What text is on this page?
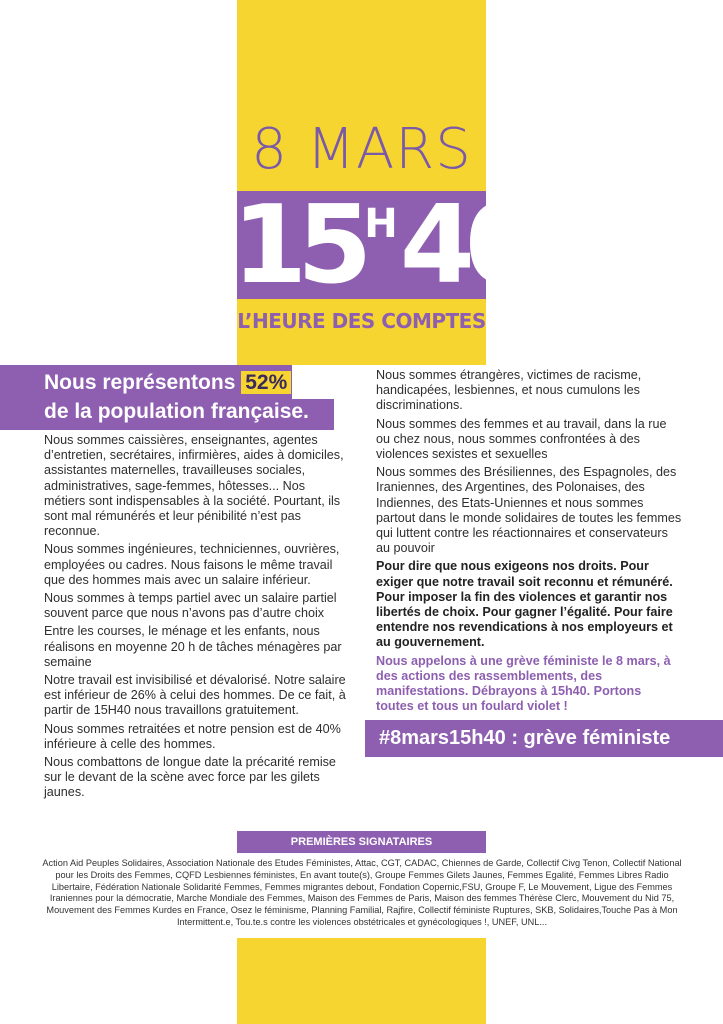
8 MARS
$15^H40$
L’HEURE DES COMPTES
Nous représentons 52%
de la population française.

Nous sommes caissières, enseignantes, agentes d’entretien, secrétaires, infirmières, aides à domiciles, assistantes maternelles, travailleuses sociales, administratives, sage-femmes, hôtesses... Nos métiers sont indispensables à la société. Pourtant, ils sont mal rémunérés et leur pénibilité n’est pas reconnue.

Nous sommes ingénieures, techniciennes, ouvrières, employées ou cadres. Nous faisons le même travail que des hommes mais avec un salaire inférieur.

Nous sommes à temps partiel avec un salaire partiel souvent parce que nous n’avons pas d’autre choix

Entre les courses, le ménage et les enfants, nous réalisons en moyenne 20 h de tâches ménagères par semaine

Notre travail est invisibilisé et dévalorisé. Notre salaire est inférieur de 26% à celui des hommes. De ce fait, à partir de 15H40 nous travaillons gratuitement.

Nous sommes retraitées et notre pension est de 40% inférieure à celle des hommes.

Nous combattons de longue date la précarité remise sur le devant de la scène avec force par les gilets jaunes.

Nous sommes étrangères, victimes de racisme, handicapées, lesbiennes, et nous cumulons les discriminations.

Nous sommes des femmes et au travail, dans la rue ou chez nous, nous sommes confrontées à des violences sexistes et sexuelles

Nous sommes des Brésiliennes, des Espagnoles, des Iraniennes, des Argentines, des Polonaises, des Indiennes, des Etats-Uniennes et nous sommes partout dans le monde solidaires de toutes les femmes qui luttent contre les réactionnaires et conservateurs au pouvoir

Pour dire que nous exigeons nos droits. Pour exiger que notre travail soit reconnu et rémunéré. Pour imposer la fin des violences et garantir nos libertés de choix. Pour gagner l’égalité. Pour faire entendre nos revendications à nos employeurs et au gouvernement.

Nous appelons à une grève féministe le 8 mars, à des actions des rassemblements, des manifestations. Débrayons à 15h40. Portons toutes et tous un foulard violet !

#8mars15h40 : grève féministe
PREMIÈRES SIGNATAIRES
Action Aid Peuples Solidaires, Association Nationale des Etudes Féministes, Attac, CGT, CADAC, Chiennes de Garde, Collectif Civg Tenon, Collectif National pour les Droits des Femmes, CQFD Lesbiennes féministes, En avant toute(s), Groupe Femmes Gilets Jaunes, Femmes Egalité, Femmes Libres Radio Libertaire, Fédération Nationale Solidarité Femmes, Femmes migrantes debout, Fondation Copernic,FSU, Groupe F, Le Mouvement, Ligue des Femmes Iraniennes pour la démocratie, Marche Mondiale des Femmes, Maison des Femmes de Paris, Maison des femmes Thérèse Clerc, Mouvement du Nid 75, Mouvement des Femmes Kurdes en France, Osez le féminisme, Planning Familial, Rajfire, Collectif féministe Ruptures, SKB, Solidaires,Touche Pas à Mon Intermittent.e, Tou.te.s contre les violences obstétricales et gynécologiques !, UNEF, UNL...
